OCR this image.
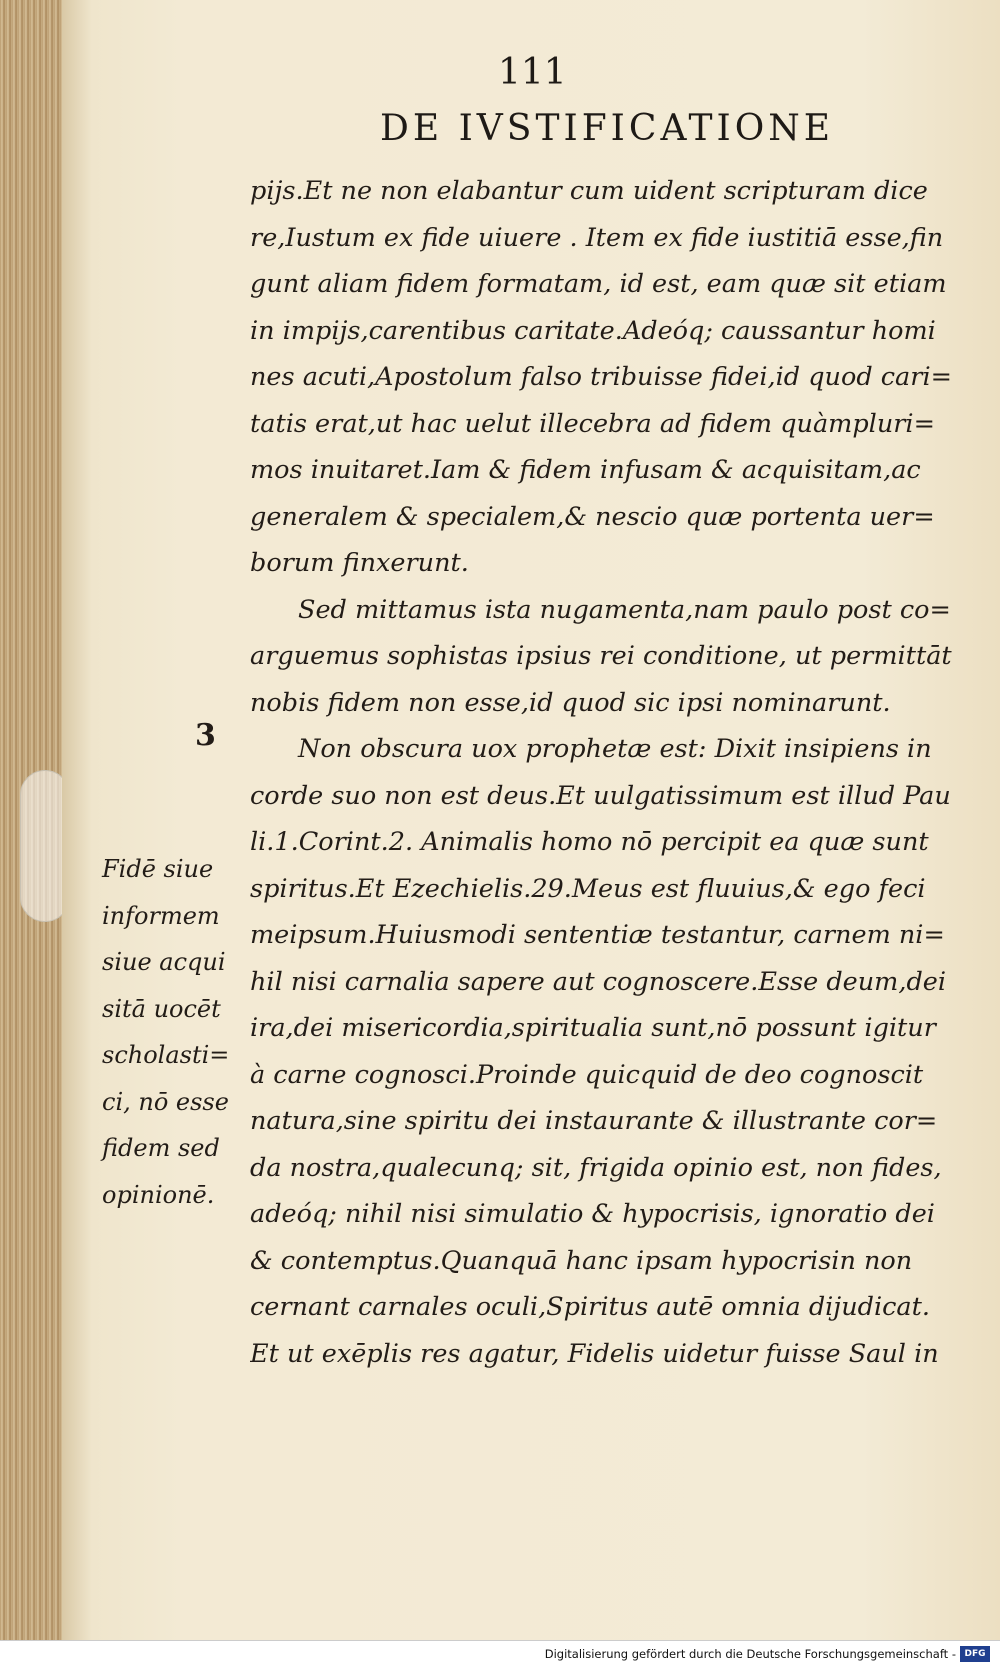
111
DE IVSTIFICATIONE
3
pijs.Et ne non elabantur cum uident scripturam dice
re,Iustum ex fide uiuere . Item ex fide iustitiā esse,fin
gunt aliam fidem formatam, id est, eam quæ sit etiam
in impijs,carentibus caritate.Adeóq; caussantur homi
nes acuti,Apostolum falso tribuisse fidei,id quod cari=
tatis erat,ut hac uelut illecebra ad fidem quàmpluri=
mos inuitaret.Iam & fidem infusam & acquisitam,ac
generalem & specialem,& nescio quæ portenta uer=
borum finxerunt.
Sed mittamus ista nugamenta,nam paulo post co=
arguemus sophistas ipsius rei conditione, ut permittāt
nobis fidem non esse,id quod sic ipsi nominarunt.
Non obscura uox prophetæ est: Dixit insipiens in
corde suo non est deus.Et uulgatissimum est illud Pau
li.1.Corint.2. Animalis homo nō percipit ea quæ sunt
spiritus.Et Ezechielis.29.Meus est fluuius,& ego feci
meipsum.Huiusmodi sententiæ testantur, carnem ni=
hil nisi carnalia sapere aut cognoscere.Esse deum,dei
ira,dei misericordia,spiritualia sunt,nō possunt igitur
à carne cognosci.Proinde quicquid de deo cognoscit
natura,sine spiritu dei instaurante & illustrante cor=
da nostra,qualecunq; sit, frigida opinio est, non fides,
adeóq; nihil nisi simulatio & hypocrisis, ignoratio dei
& contemptus.Quanquā hanc ipsam hypocrisin non
cernant carnales oculi,Spiritus autē omnia dijudicat.
Et ut exēplis res agatur, Fidelis uidetur fuisse Saul in
Fidē siue
informem
siue acqui
sitā uocēt
scholasti=
ci, nō esse
fidem sed
opinionē.
Digitalisierung gefördert durch die Deutsche Forschungsgemeinschaft - DFG
